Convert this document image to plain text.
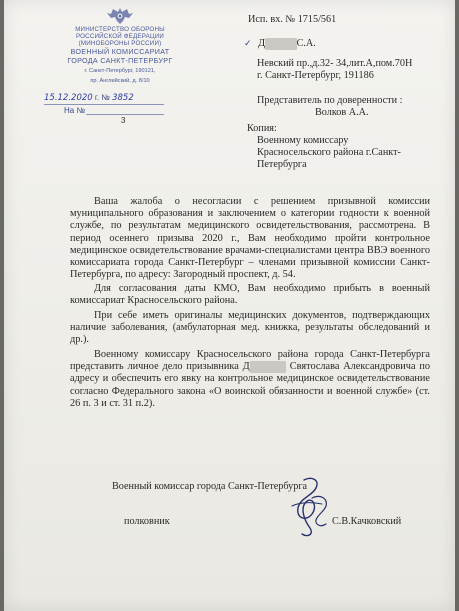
МИНИСТЕРСТВО ОБОРОНЫ
РОССИЙСКОЙ ФЕДЕРАЦИИ
(МИНОБОРОНЫ РОССИИ)
ВОЕННЫЙ КОМИССАРИАТ
ГОРОДА САНКТ-ПЕТЕРБУРГ
г. Санкт-Петербург, 190121,
пр. Английский, д. 8/10
15.12.2020 г. № 3852
На №
3
Исп. вх. № 1715/561
✓ Д	С.А.
Невский пр.,д.32- 34,лит.А,пом.70Н
г. Санкт-Петербург, 191186
Представитель по доверенности :
Волков А.А.
Копия:
Военному комиссару
Красносельского района г.Санкт-
Петербурга
Ваша жалоба о несогласии с решением призывной комиссии муниципального образования и заключением о категории годности к военной службе, по результатам медицинского освидетельствования, рассмотрена. В период осеннего призыва 2020 г., Вам необходимо пройти контрольное медицинское освидетельствование врачами-специалистами центра ВВЭ военного комиссариата города Санкт-Петербург – членами призывной комиссии Санкт-Петербурга, по адресу: Загородный проспект, д. 54.
Для согласования даты КМО, Вам необходимо прибыть в военный комиссариат Красносельского района.
При себе иметь оригиналы медицинских документов, подтверждающих наличие заболевания, (амбулаторная мед. книжка, результаты обследований и др.).
Военному комиссару Красносельского района города Санкт-Петербурга представить личное дело призывника Д	Святослава Александровича по адресу и обеспечить его явку на контрольное медицинское освидетельствование согласно Федерального закона «О воинской обязанности и военной службе» (ст. 26 п. 3 и ст. 31 п.2).
Военный комиссар города Санкт-Петербурга
полковник	С.В.Качковский
